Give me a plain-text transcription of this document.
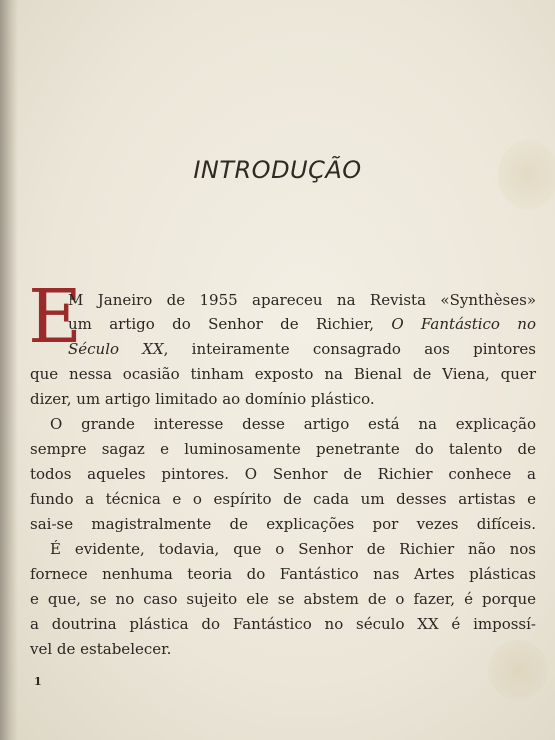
INTRODUÇÃO
E
M Janeiro de 1955 apareceu na Revista «Synthèses»
um artigo do Senhor de Richier, O Fantástico no
Século XX, inteiramente consagrado aos pintores
que nessa ocasião tinham exposto na Bienal de Viena, quer
dizer, um artigo limitado ao domínio plástico.
O grande interesse desse artigo está na explicação
sempre sagaz e luminosamente penetrante do talento de
todos aqueles pintores. O Senhor de Richier conhece a
fundo a técnica e o espírito de cada um desses artistas e
sai-se magistralmente de explicações por vezes difíceis.
É evidente, todavia, que o Senhor de Richier não nos
fornece nenhuma teoria do Fantástico nas Artes plásticas
e que, se no caso sujeito ele se abstem de o fazer, é porque
a doutrina plástica do Fantástico no século XX é impossí-
vel de estabelecer.
1
